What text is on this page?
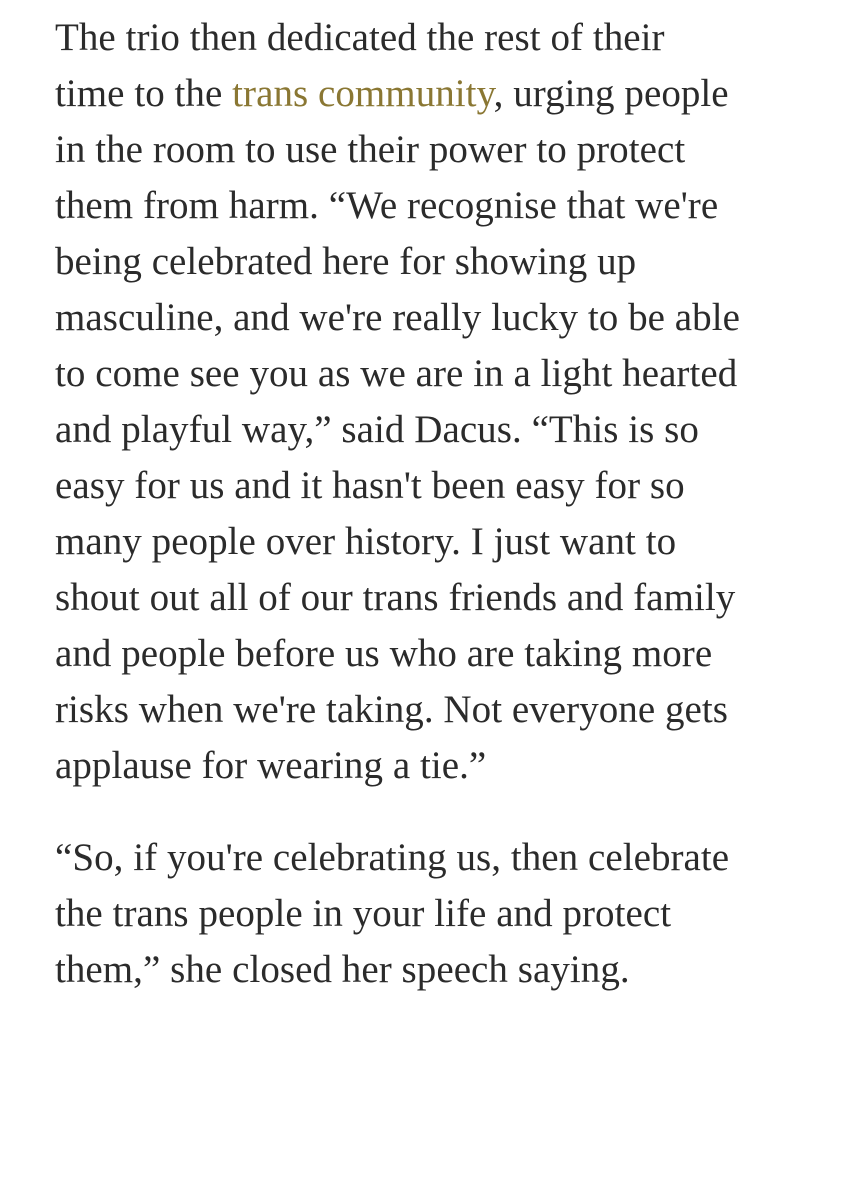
The trio then dedicated the rest of their
time to the trans community, urging people
in the room to use their power to protect
them from harm. “We recognise that we're
being celebrated here for showing up
masculine, and we're really lucky to be able
to come see you as we are in a light hearted
and playful way,” said Dacus. “This is so
easy for us and it hasn't been easy for so
many people over history. I just want to
shout out all of our trans friends and family
and people before us who are taking more
risks when we're taking. Not everyone gets
applause for wearing a tie.”

“So, if you're celebrating us, then celebrate
the trans people in your life and protect
them,” she closed her speech saying.
